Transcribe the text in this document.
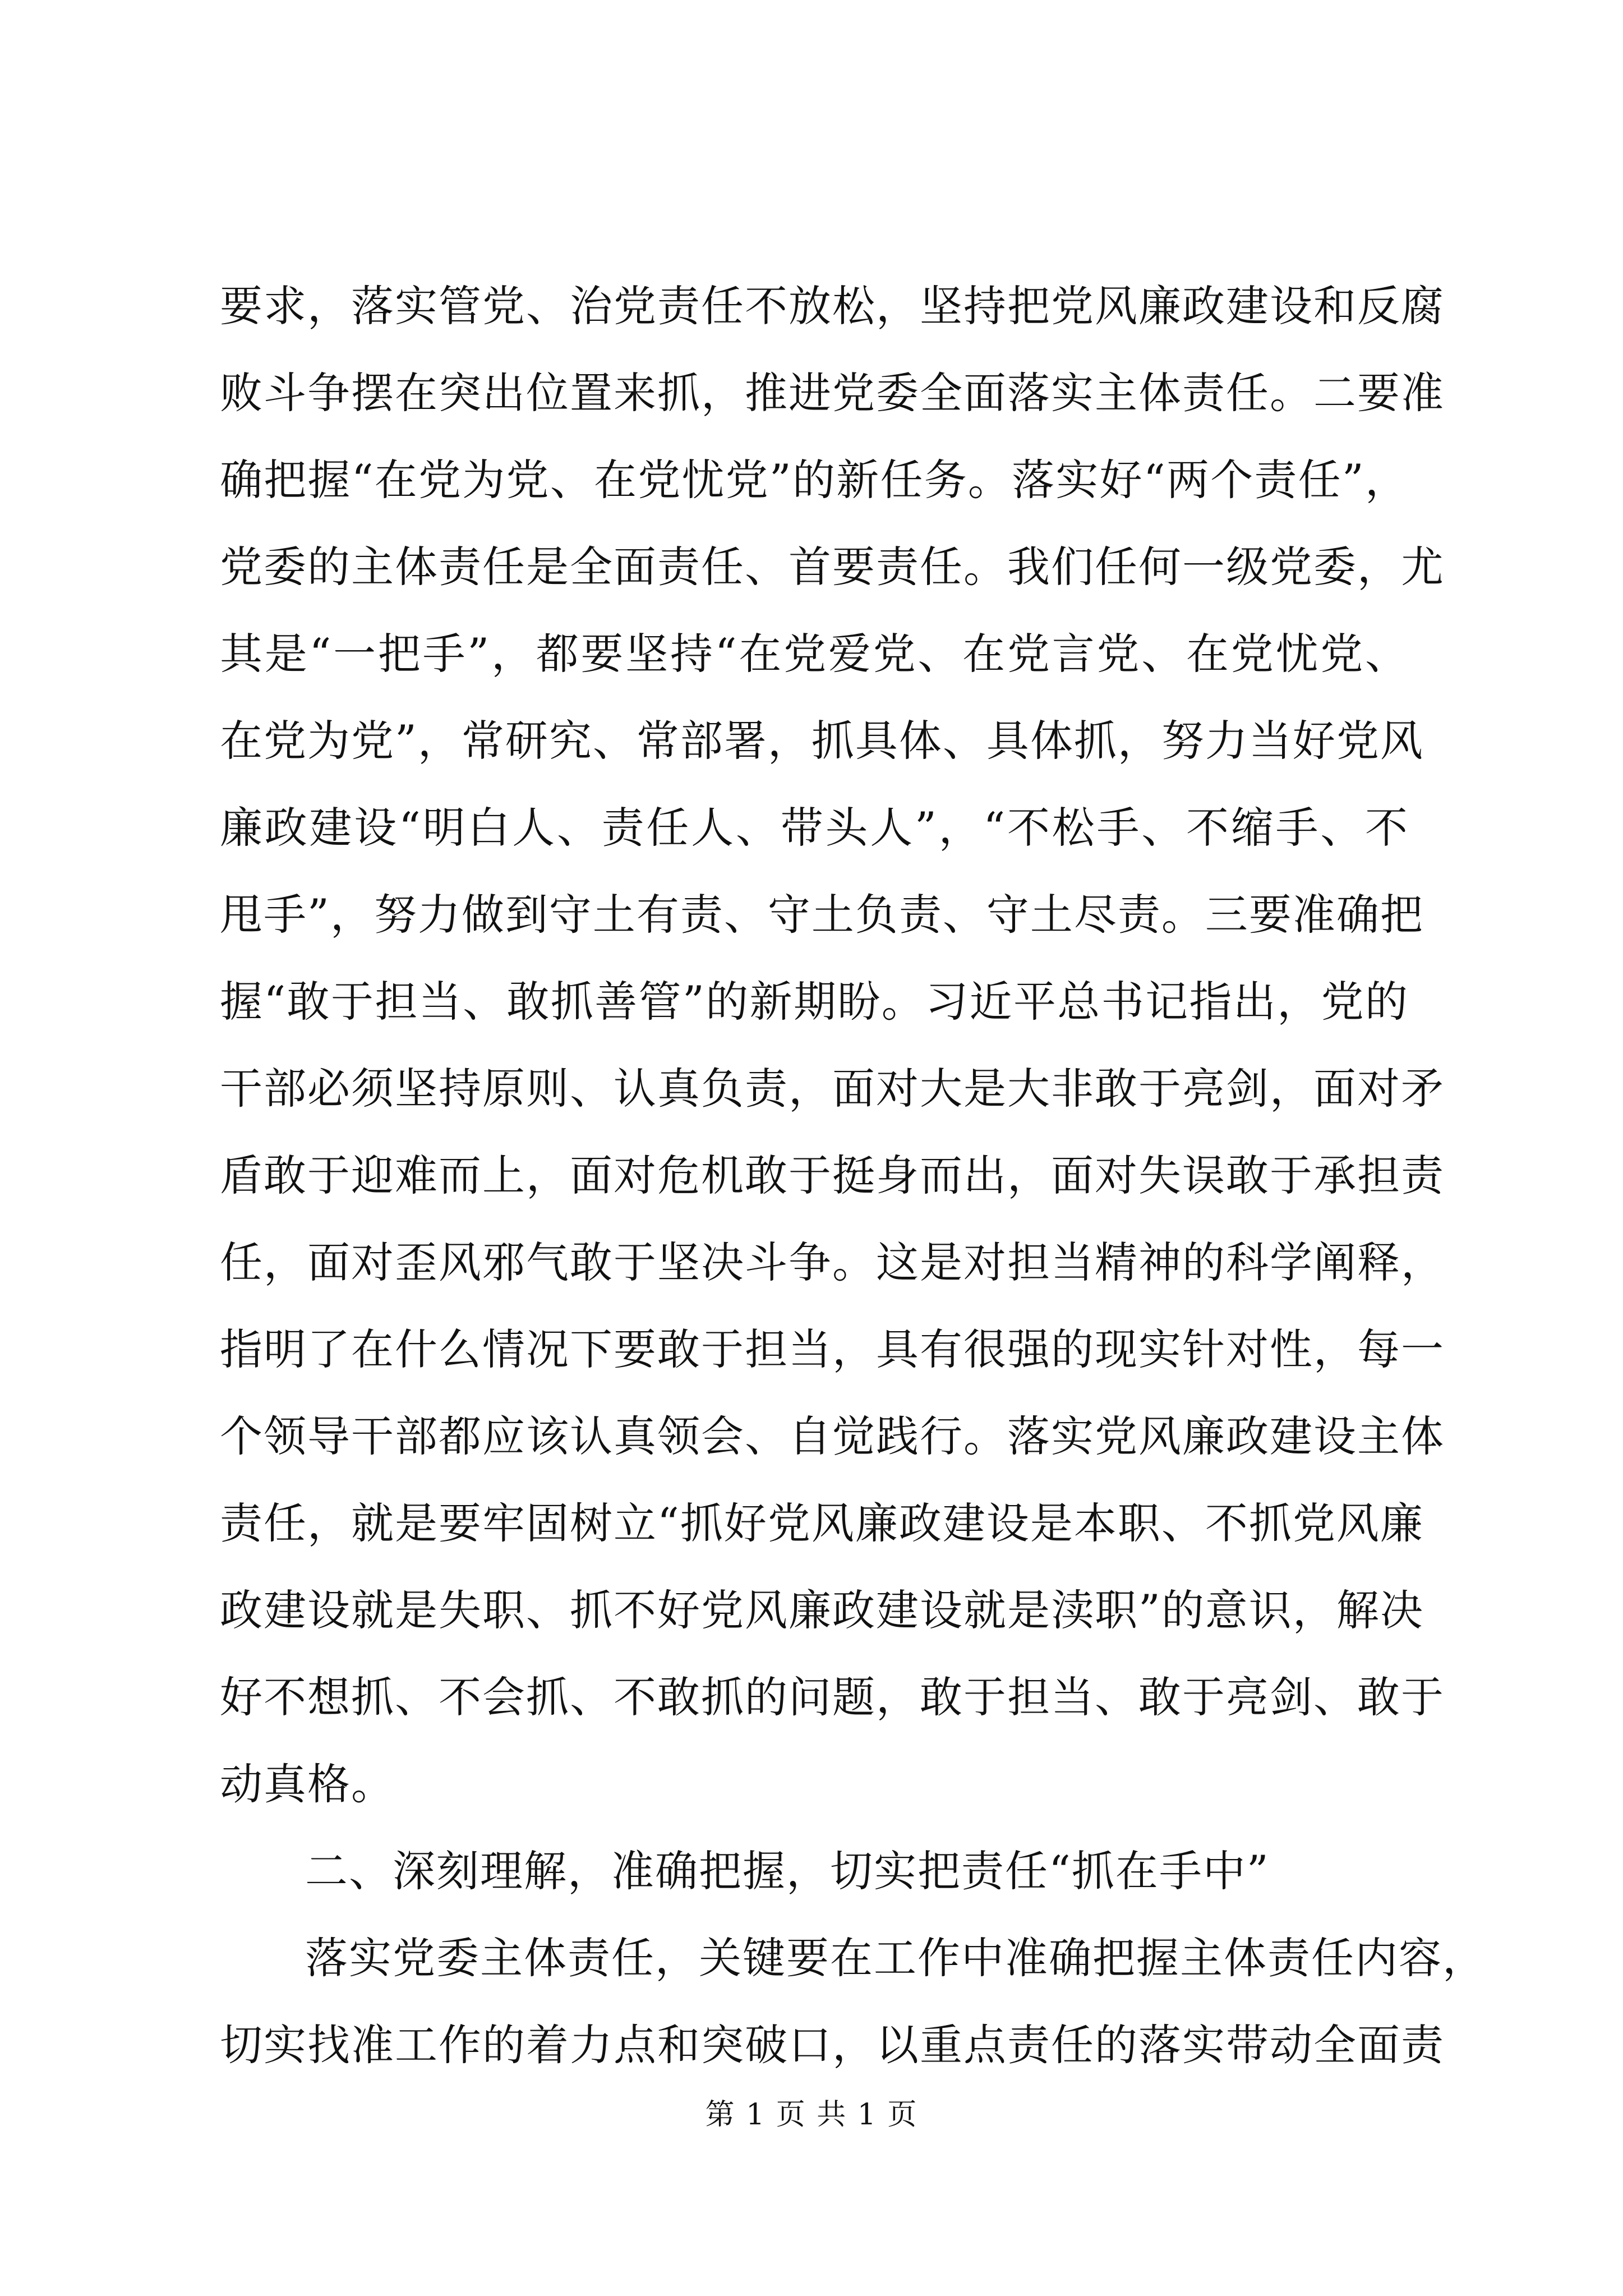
要求，落实管党、治党责任不放松，坚持把党风廉政建设和反腐
败斗争摆在突出位置来抓，推进党委全面落实主体责任。二要准
确把握“在党为党、在党忧党”的新任务。落实好“两个责任”，
党委的主体责任是全面责任、首要责任。我们任何一级党委，尤
其是“一把手”，都要坚持“在党爱党、在党言党、在党忧党、
在党为党”，常研究、常部署，抓具体、具体抓，努力当好党风
廉政建设“明白人、责任人、带头人”，“不松手、不缩手、不
甩手”，努力做到守土有责、守土负责、守土尽责。三要准确把
握“敢于担当、敢抓善管”的新期盼。习近平总书记指出，党的
干部必须坚持原则、认真负责，面对大是大非敢于亮剑，面对矛
盾敢于迎难而上，面对危机敢于挺身而出，面对失误敢于承担责
任，面对歪风邪气敢于坚决斗争。这是对担当精神的科学阐释，
指明了在什么情况下要敢于担当，具有很强的现实针对性，每一
个领导干部都应该认真领会、自觉践行。落实党风廉政建设主体
责任，就是要牢固树立“抓好党风廉政建设是本职、不抓党风廉
政建设就是失职、抓不好党风廉政建设就是渎职”的意识，解决
好不想抓、不会抓、不敢抓的问题，敢于担当、敢于亮剑、敢于
动真格。
二、深刻理解，准确把握，切实把责任“抓在手中”
落实党委主体责任，关键要在工作中准确把握主体责任内容，
切实找准工作的着力点和突破口，以重点责任的落实带动全面责
第 1 页 共 1 页
